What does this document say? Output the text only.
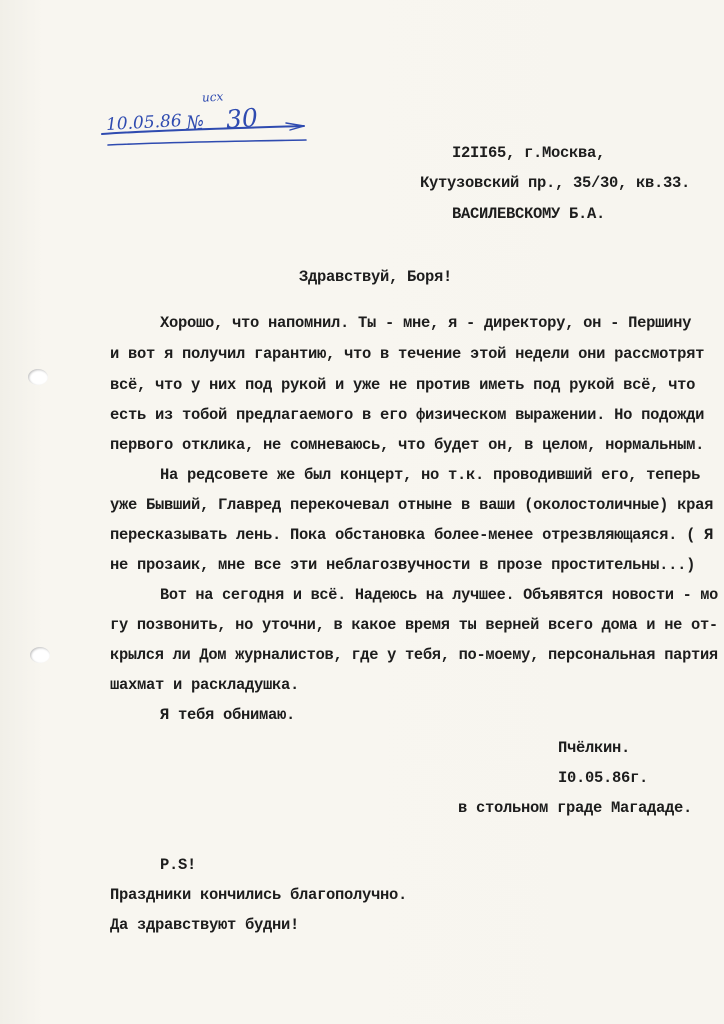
10.05.86 № 30
исх
I2II65, г.Москва,
Кутузовский пр., 35/30, кв.33.
ВАСИЛЕВСКОМУ Б.А.
Здравствуй, Боря!
Хорошо, что напомнил. Ты - мне, я - директору, он - Першину
и вот я получил гарантию, что в течение этой недели они рассмотрят
всё, что у них под рукой и уже не против иметь под рукой всё, что
есть из тобой предлагаемого в его физическом выражении. Но подожди
первого отклика, не сомневаюсь, что будет он, в целом, нормальным.
На редсовете же был концерт, но т.к. проводивший его, теперь
уже Бывший, Главред перекочевал отныне в ваши (околостоличные) края
пересказывать лень. Пока обстановка более-менее отрезвляющаяся. ( Я
не прозаик, мне все эти неблагозвучности в прозе простительны...)
Вот на сегодня и всё. Надеюсь на лучшее. Объявятся новости - мо
гу позвонить, но уточни, в какое время ты верней всего дома и не от-
крылся ли Дом журналистов, где у тебя, по-моему, персональная партия
шахмат и раскладушка.
Я тебя обнимаю.
Пчёлкин.
I0.05.86г.
в стольном граде Магададе.
P.S!
Праздники кончились благополучно.
Да здравствуют будни!
